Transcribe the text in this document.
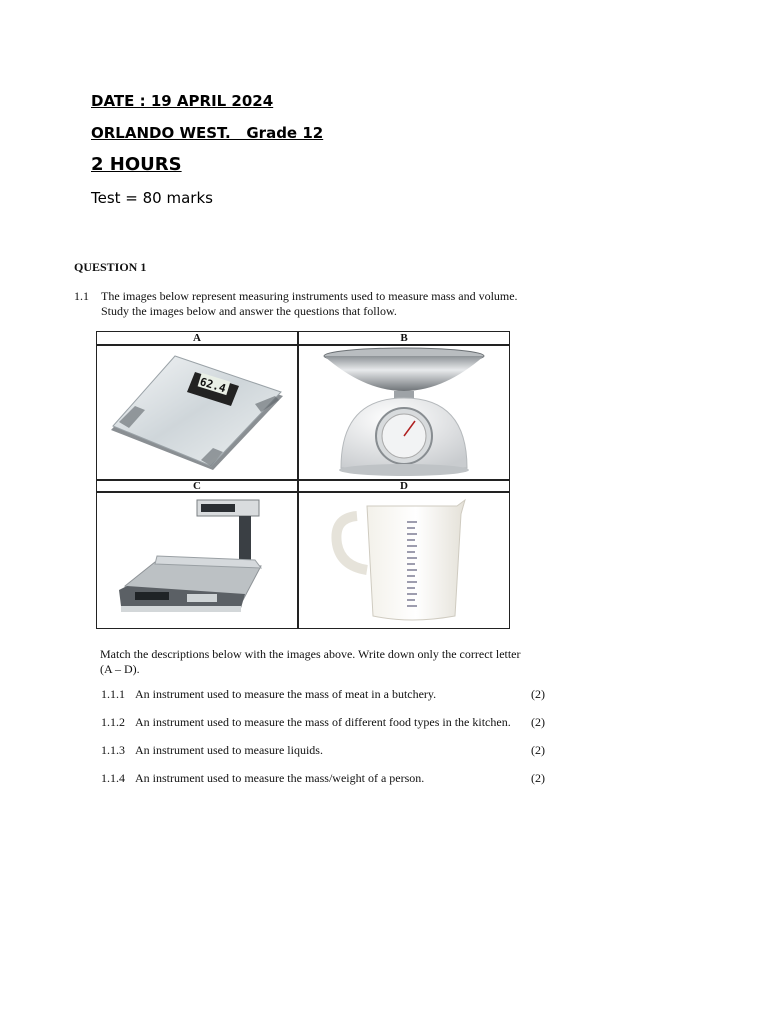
DATE : 19 APRIL 2024
ORLANDO WEST.   Grade 12
2 HOURS
Test = 80 marks
QUESTION 1
1.1 The images below represent measuring instruments used to measure mass and volume.
Study the images below and answer the questions that follow.
A	B
C	D
62.4
Match the descriptions below with the images above. Write down only the correct letter
(A – D).
1.1.1 An instrument used to measure the mass of meat in a butchery.	(2)
1.1.2 An instrument used to measure the mass of different food types in the kitchen. (2)
1.1.3 An instrument used to measure liquids.	(2)
1.1.4 An instrument used to measure the mass/weight of a person.	(2)
